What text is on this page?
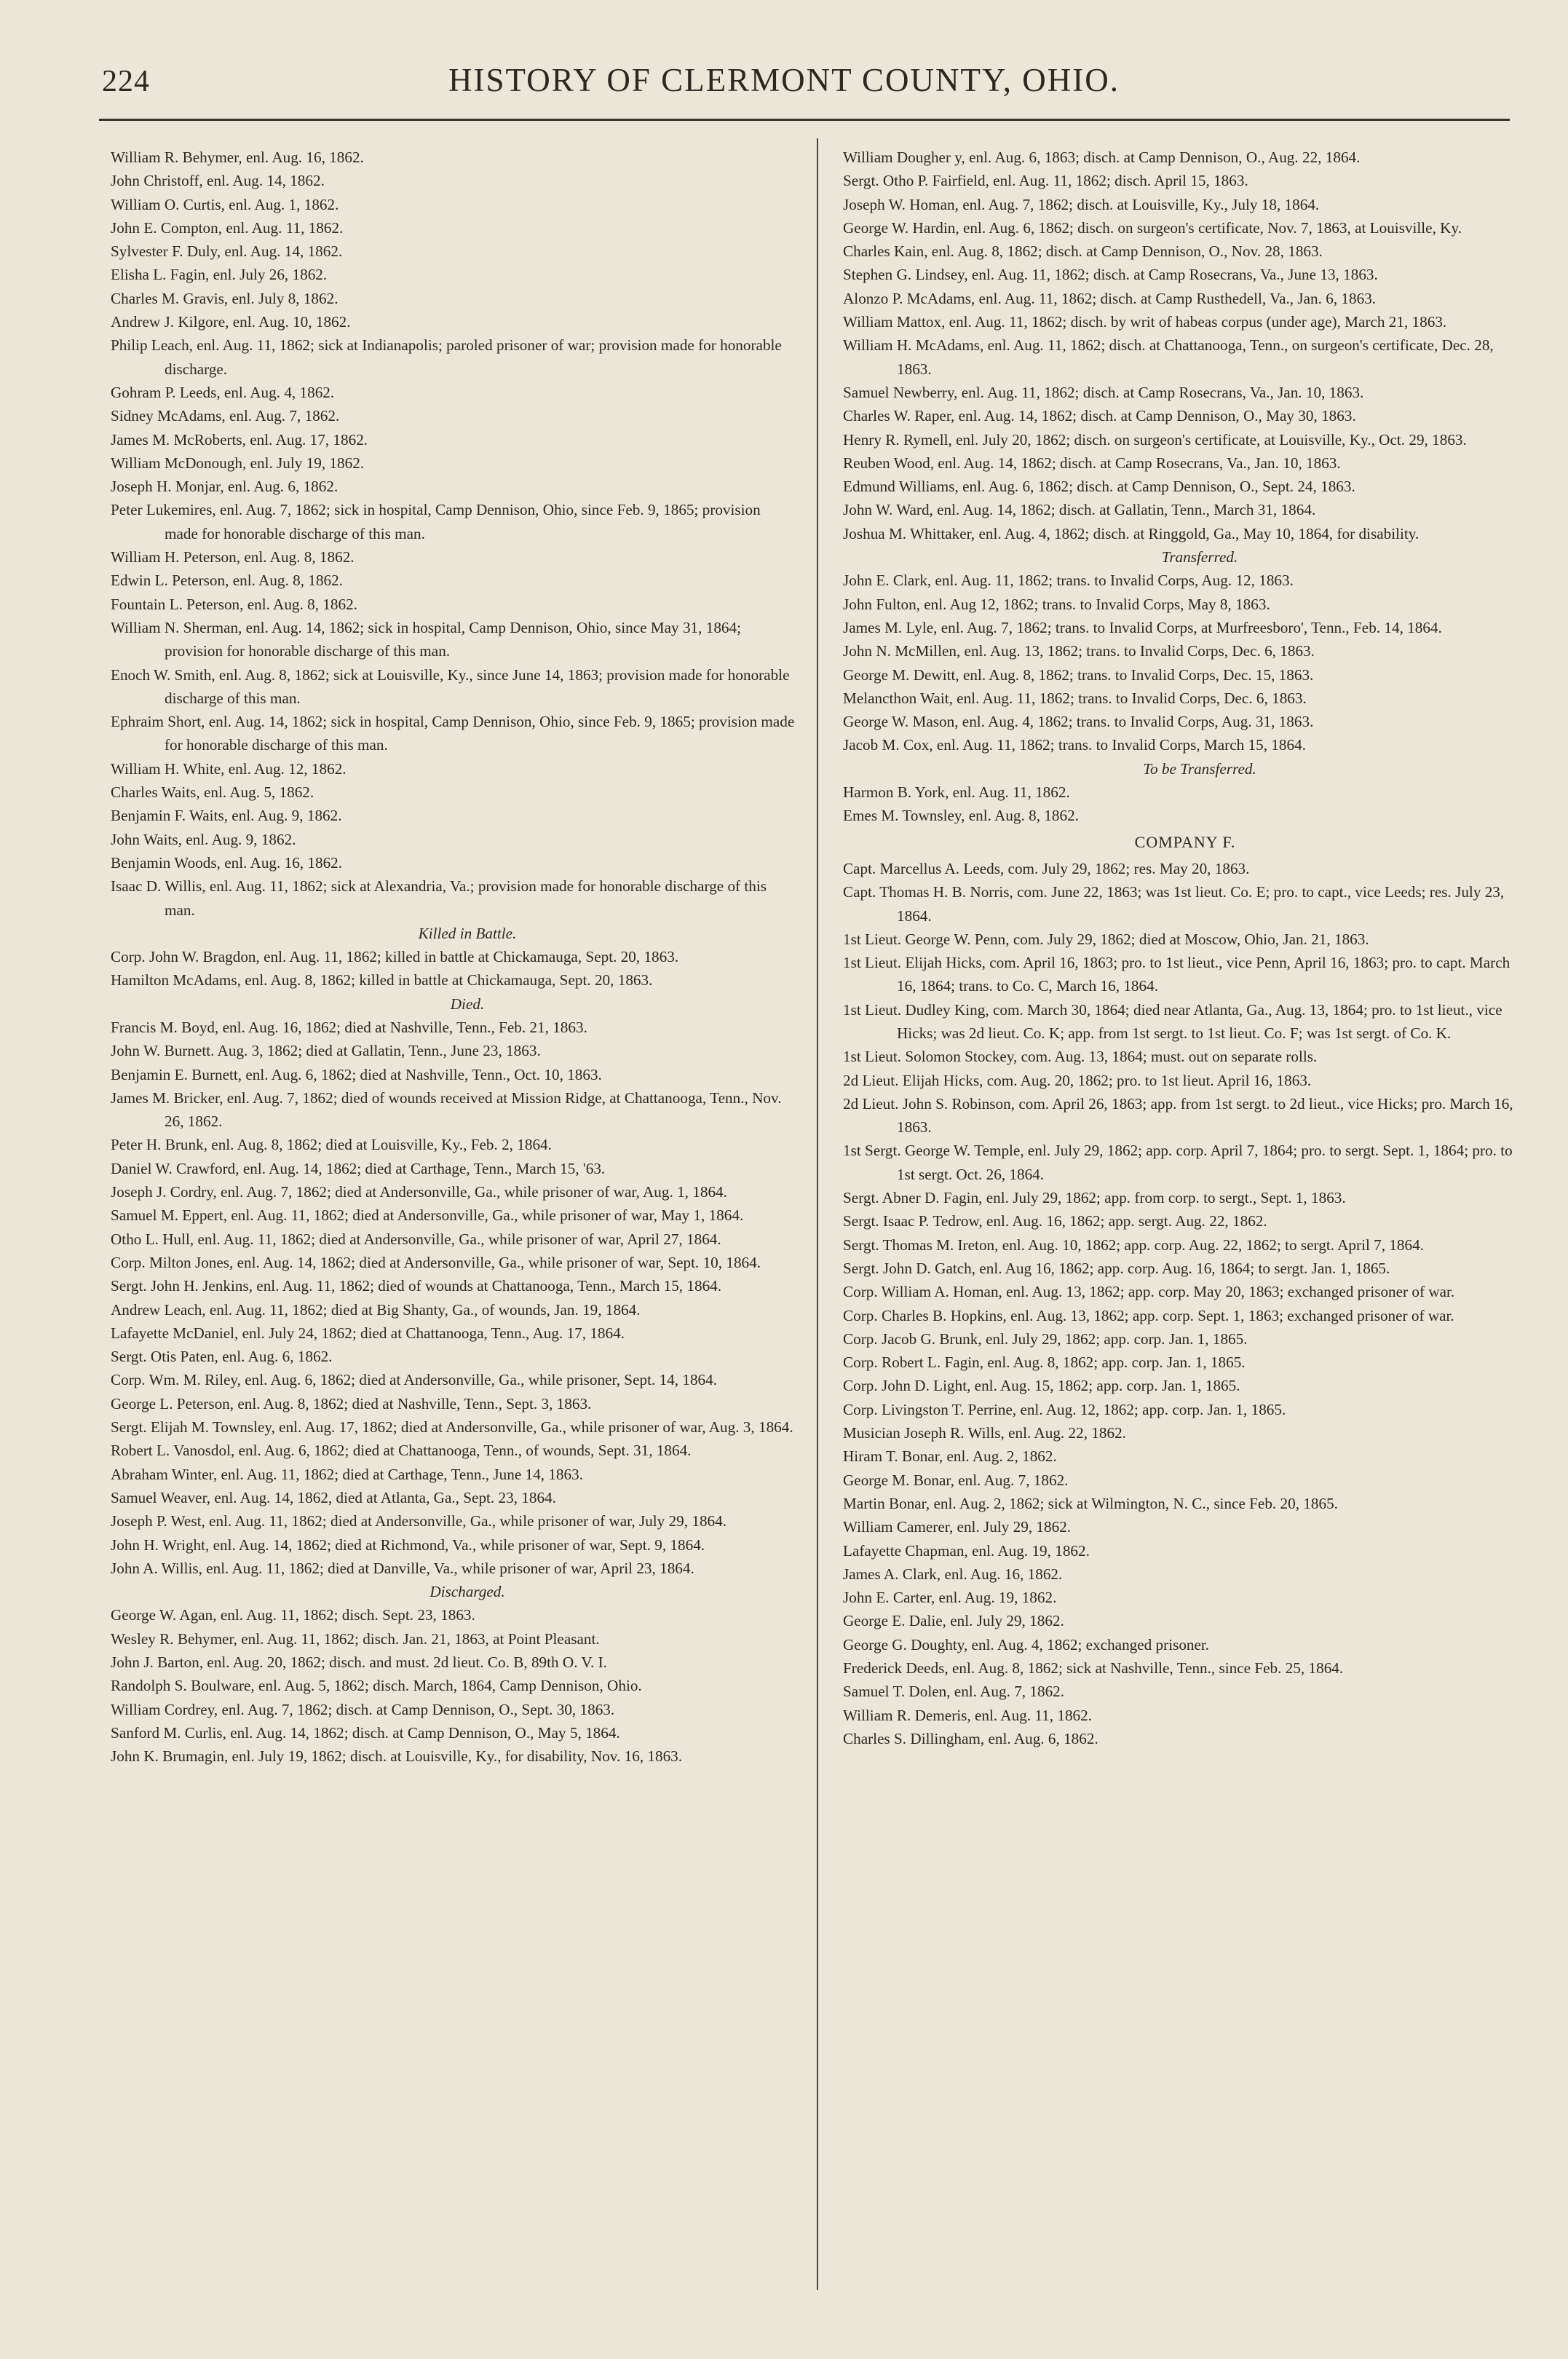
224	HISTORY OF CLERMONT COUNTY, OHIO.

William R. Behymer, enl. Aug. 16, 1862.

John Christoff, enl. Aug. 14, 1862.

William O. Curtis, enl. Aug. 1, 1862.

John E. Compton, enl. Aug. 11, 1862.

Sylvester F. Duly, enl. Aug. 14, 1862.

Elisha L. Fagin, enl. July 26, 1862.

Charles M. Gravis, enl. July 8, 1862.

Andrew J. Kilgore, enl. Aug. 10, 1862.

Philip Leach, enl. Aug. 11, 1862; sick at Indianapolis; paroled prisoner of war; provision made for honorable discharge.

Gohram P. Leeds, enl. Aug. 4, 1862.

Sidney McAdams, enl. Aug. 7, 1862.

James M. McRoberts, enl. Aug. 17, 1862.

William McDonough, enl. July 19, 1862.

Joseph H. Monjar, enl. Aug. 6, 1862.

Peter Lukemires, enl. Aug. 7, 1862; sick in hospital, Camp Dennison, Ohio, since Feb. 9, 1865; provision made for honorable discharge of this man.

William H. Peterson, enl. Aug. 8, 1862.

Edwin L. Peterson, enl. Aug. 8, 1862.

Fountain L. Peterson, enl. Aug. 8, 1862.

William N. Sherman, enl. Aug. 14, 1862; sick in hospital, Camp Dennison, Ohio, since May 31, 1864; provision for honorable discharge of this man.

Enoch W. Smith, enl. Aug. 8, 1862; sick at Louisville, Ky., since June 14, 1863; provision made for honorable discharge of this man.

Ephraim Short, enl. Aug. 14, 1862; sick in hospital, Camp Dennison, Ohio, since Feb. 9, 1865; provision made for honorable discharge of this man.

William H. White, enl. Aug. 12, 1862.

Charles Waits, enl. Aug. 5, 1862.

Benjamin F. Waits, enl. Aug. 9, 1862.

John Waits, enl. Aug. 9, 1862.

Benjamin Woods, enl. Aug. 16, 1862.

Isaac D. Willis, enl. Aug. 11, 1862; sick at Alexandria, Va.; provision made for honorable discharge of this man.

Killed in Battle.

Corp. John W. Bragdon, enl. Aug. 11, 1862; killed in battle at Chickamauga, Sept. 20, 1863.

Hamilton McAdams, enl. Aug. 8, 1862; killed in battle at Chickamauga, Sept. 20, 1863.

Died.

Francis M. Boyd, enl. Aug. 16, 1862; died at Nashville, Tenn., Feb. 21, 1863.

John W. Burnett. Aug. 3, 1862; died at Gallatin, Tenn., June 23, 1863.

Benjamin E. Burnett, enl. Aug. 6, 1862; died at Nashville, Tenn., Oct. 10, 1863.

James M. Bricker, enl. Aug. 7, 1862; died of wounds received at Mission Ridge, at Chattanooga, Tenn., Nov. 26, 1862.

Peter H. Brunk, enl. Aug. 8, 1862; died at Louisville, Ky., Feb. 2, 1864.

Daniel W. Crawford, enl. Aug. 14, 1862; died at Carthage, Tenn., March 15, '63.

Joseph J. Cordry, enl. Aug. 7, 1862; died at Andersonville, Ga., while prisoner of war, Aug. 1, 1864.

Samuel M. Eppert, enl. Aug. 11, 1862; died at Andersonville, Ga., while prisoner of war, May 1, 1864.

Otho L. Hull, enl. Aug. 11, 1862; died at Andersonville, Ga., while prisoner of war, April 27, 1864.

Corp. Milton Jones, enl. Aug. 14, 1862; died at Andersonville, Ga., while prisoner of war, Sept. 10, 1864.

Sergt. John H. Jenkins, enl. Aug. 11, 1862; died of wounds at Chattanooga, Tenn., March 15, 1864.

Andrew Leach, enl. Aug. 11, 1862; died at Big Shanty, Ga., of wounds, Jan. 19, 1864.

Lafayette McDaniel, enl. July 24, 1862; died at Chattanooga, Tenn., Aug. 17, 1864.

Sergt. Otis Paten, enl. Aug. 6, 1862.

Corp. Wm. M. Riley, enl. Aug. 6, 1862; died at Andersonville, Ga., while prisoner, Sept. 14, 1864.

George L. Peterson, enl. Aug. 8, 1862; died at Nashville, Tenn., Sept. 3, 1863.

Sergt. Elijah M. Townsley, enl. Aug. 17, 1862; died at Andersonville, Ga., while prisoner of war, Aug. 3, 1864.

Robert L. Vanosdol, enl. Aug. 6, 1862; died at Chattanooga, Tenn., of wounds, Sept. 31, 1864.

Abraham Winter, enl. Aug. 11, 1862; died at Carthage, Tenn., June 14, 1863.

Samuel Weaver, enl. Aug. 14, 1862, died at Atlanta, Ga., Sept. 23, 1864.

Joseph P. West, enl. Aug. 11, 1862; died at Andersonville, Ga., while prisoner of war, July 29, 1864.

John H. Wright, enl. Aug. 14, 1862; died at Richmond, Va., while prisoner of war, Sept. 9, 1864.

John A. Willis, enl. Aug. 11, 1862; died at Danville, Va., while prisoner of war, April 23, 1864.

Discharged.

George W. Agan, enl. Aug. 11, 1862; disch. Sept. 23, 1863.

Wesley R. Behymer, enl. Aug. 11, 1862; disch. Jan. 21, 1863, at Point Pleasant.

John J. Barton, enl. Aug. 20, 1862; disch. and must. 2d lieut. Co. B, 89th O. V. I.

Randolph S. Boulware, enl. Aug. 5, 1862; disch. March, 1864, Camp Dennison, Ohio.

William Cordrey, enl. Aug. 7, 1862; disch. at Camp Dennison, O., Sept. 30, 1863.

Sanford M. Curlis, enl. Aug. 14, 1862; disch. at Camp Dennison, O., May 5, 1864.

John K. Brumagin, enl. July 19, 1862; disch. at Louisville, Ky., for disability, Nov. 16, 1863.

William Dougher y, enl. Aug. 6, 1863; disch. at Camp Dennison, O., Aug. 22, 1864.

Sergt. Otho P. Fairfield, enl. Aug. 11, 1862; disch. April 15, 1863.

Joseph W. Homan, enl. Aug. 7, 1862; disch. at Louisville, Ky., July 18, 1864.

George W. Hardin, enl. Aug. 6, 1862; disch. on surgeon's certificate, Nov. 7, 1863, at Louisville, Ky.

Charles Kain, enl. Aug. 8, 1862; disch. at Camp Dennison, O., Nov. 28, 1863.

Stephen G. Lindsey, enl. Aug. 11, 1862; disch. at Camp Rosecrans, Va., June 13, 1863.

Alonzo P. McAdams, enl. Aug. 11, 1862; disch. at Camp Rusthedell, Va., Jan. 6, 1863.

William Mattox, enl. Aug. 11, 1862; disch. by writ of habeas corpus (under age), March 21, 1863.

William H. McAdams, enl. Aug. 11, 1862; disch. at Chattanooga, Tenn., on surgeon's certificate, Dec. 28, 1863.

Samuel Newberry, enl. Aug. 11, 1862; disch. at Camp Rosecrans, Va., Jan. 10, 1863.

Charles W. Raper, enl. Aug. 14, 1862; disch. at Camp Dennison, O., May 30, 1863.

Henry R. Rymell, enl. July 20, 1862; disch. on surgeon's certificate, at Louisville, Ky., Oct. 29, 1863.

Reuben Wood, enl. Aug. 14, 1862; disch. at Camp Rosecrans, Va., Jan. 10, 1863.

Edmund Williams, enl. Aug. 6, 1862; disch. at Camp Dennison, O., Sept. 24, 1863.

John W. Ward, enl. Aug. 14, 1862; disch. at Gallatin, Tenn., March 31, 1864.

Joshua M. Whittaker, enl. Aug. 4, 1862; disch. at Ringgold, Ga., May 10, 1864, for disability.

Transferred.

John E. Clark, enl. Aug. 11, 1862; trans. to Invalid Corps, Aug. 12, 1863.

John Fulton, enl. Aug 12, 1862; trans. to Invalid Corps, May 8, 1863.

James M. Lyle, enl. Aug. 7, 1862; trans. to Invalid Corps, at Murfreesboro', Tenn., Feb. 14, 1864.

John N. McMillen, enl. Aug. 13, 1862; trans. to Invalid Corps, Dec. 6, 1863.

George M. Dewitt, enl. Aug. 8, 1862; trans. to Invalid Corps, Dec. 15, 1863.

Melancthon Wait, enl. Aug. 11, 1862; trans. to Invalid Corps, Dec. 6, 1863.

George W. Mason, enl. Aug. 4, 1862; trans. to Invalid Corps, Aug. 31, 1863.

Jacob M. Cox, enl. Aug. 11, 1862; trans. to Invalid Corps, March 15, 1864.

To be Transferred.

Harmon B. York, enl. Aug. 11, 1862.

Emes M. Townsley, enl. Aug. 8, 1862.

COMPANY F.

Capt. Marcellus A. Leeds, com. July 29, 1862; res. May 20, 1863.

Capt. Thomas H. B. Norris, com. June 22, 1863; was 1st lieut. Co. E; pro. to capt., vice Leeds; res. July 23, 1864.

1st Lieut. George W. Penn, com. July 29, 1862; died at Moscow, Ohio, Jan. 21, 1863.

1st Lieut. Elijah Hicks, com. April 16, 1863; pro. to 1st lieut., vice Penn, April 16, 1863; pro. to capt. March 16, 1864; trans. to Co. C, March 16, 1864.

1st Lieut. Dudley King, com. March 30, 1864; died near Atlanta, Ga., Aug. 13, 1864; pro. to 1st lieut., vice Hicks; was 2d lieut. Co. K; app. from 1st sergt. to 1st lieut. Co. F; was 1st sergt. of Co. K.

1st Lieut. Solomon Stockey, com. Aug. 13, 1864; must. out on separate rolls.

2d Lieut. Elijah Hicks, com. Aug. 20, 1862; pro. to 1st lieut. April 16, 1863.

2d Lieut. John S. Robinson, com. April 26, 1863; app. from 1st sergt. to 2d lieut., vice Hicks; pro. March 16, 1863.

1st Sergt. George W. Temple, enl. July 29, 1862; app. corp. April 7, 1864; pro. to sergt. Sept. 1, 1864; pro. to 1st sergt. Oct. 26, 1864.

Sergt. Abner D. Fagin, enl. July 29, 1862; app. from corp. to sergt., Sept. 1, 1863.

Sergt. Isaac P. Tedrow, enl. Aug. 16, 1862; app. sergt. Aug. 22, 1862.

Sergt. Thomas M. Ireton, enl. Aug. 10, 1862; app. corp. Aug. 22, 1862; to sergt. April 7, 1864.

Sergt. John D. Gatch, enl. Aug 16, 1862; app. corp. Aug. 16, 1864; to sergt. Jan. 1, 1865.

Corp. William A. Homan, enl. Aug. 13, 1862; app. corp. May 20, 1863; exchanged prisoner of war.

Corp. Charles B. Hopkins, enl. Aug. 13, 1862; app. corp. Sept. 1, 1863; exchanged prisoner of war.

Corp. Jacob G. Brunk, enl. July 29, 1862; app. corp. Jan. 1, 1865.

Corp. Robert L. Fagin, enl. Aug. 8, 1862; app. corp. Jan. 1, 1865.

Corp. John D. Light, enl. Aug. 15, 1862; app. corp. Jan. 1, 1865.

Corp. Livingston T. Perrine, enl. Aug. 12, 1862; app. corp. Jan. 1, 1865.

Musician Joseph R. Wills, enl. Aug. 22, 1862.

Hiram T. Bonar, enl. Aug. 2, 1862.

George M. Bonar, enl. Aug. 7, 1862.

Martin Bonar, enl. Aug. 2, 1862; sick at Wilmington, N. C., since Feb. 20, 1865.

William Camerer, enl. July 29, 1862.

Lafayette Chapman, enl. Aug. 19, 1862.

James A. Clark, enl. Aug. 16, 1862.

John E. Carter, enl. Aug. 19, 1862.

George E. Dalie, enl. July 29, 1862.

George G. Doughty, enl. Aug. 4, 1862; exchanged prisoner.

Frederick Deeds, enl. Aug. 8, 1862; sick at Nashville, Tenn., since Feb. 25, 1864.

Samuel T. Dolen, enl. Aug. 7, 1862.

William R. Demeris, enl. Aug. 11, 1862.

Charles S. Dillingham, enl. Aug. 6, 1862.
